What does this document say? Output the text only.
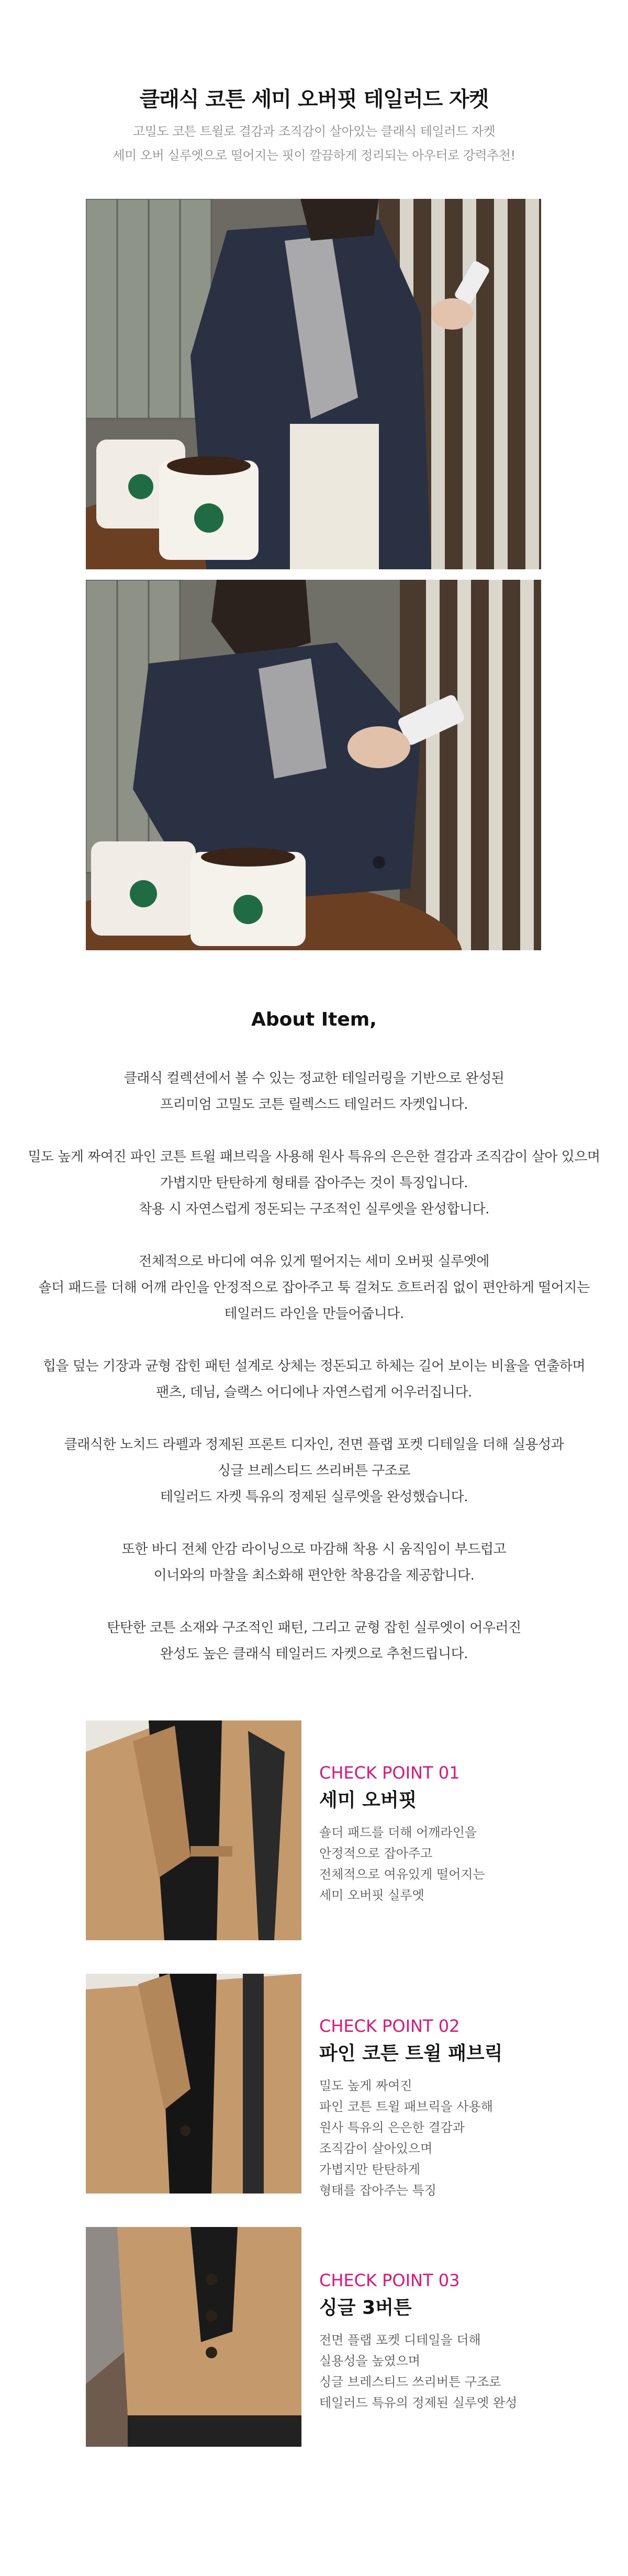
클래식 코튼 세미 오버핏 테일러드 자켓
고밀도 코튼 트윌로 결감과 조직감이 살아있는 클래식 테일러드 자켓
세미 오버 실루엣으로 떨어지는 핏이 깔끔하게 정리되는 아우터로 강력추천!
About Item,

클래식 컬렉션에서 볼 수 있는 정교한 테일러링을 기반으로 완성된
프리미엄 고밀도 코튼 릴렉스드 테일러드 자켓입니다.

밀도 높게 짜여진 파인 코튼 트윌 패브릭을 사용해 원사 특유의 은은한 결감과 조직감이 살아 있으며
가볍지만 탄탄하게 형태를 잡아주는 것이 특징입니다.
착용 시 자연스럽게 정돈되는 구조적인 실루엣을 완성합니다.

전체적으로 바디에 여유 있게 떨어지는 세미 오버핏 실루엣에
숄더 패드를 더해 어깨 라인을 안정적으로 잡아주고 툭 걸쳐도 흐트러짐 없이 편안하게 떨어지는
테일러드 라인을 만들어줍니다.

힙을 덮는 기장과 균형 잡힌 패턴 설계로 상체는 정돈되고 하체는 길어 보이는 비율을 연출하며
팬츠, 데님, 슬랙스 어디에나 자연스럽게 어우러집니다.

클래식한 노치드 라펠과 정제된 프론트 디자인, 전면 플랩 포켓 디테일을 더해 실용성과
싱글 브레스티드 쓰리버튼 구조로
테일러드 자켓 특유의 정제된 실루엣을 완성했습니다.

또한 바디 전체 안감 라이닝으로 마감해 착용 시 움직임이 부드럽고
이너와의 마찰을 최소화해 편안한 착용감을 제공합니다.

탄탄한 코튼 소재와 구조적인 패턴, 그리고 균형 잡힌 실루엣이 어우러진
완성도 높은 클래식 테일러드 자켓으로 추천드립니다.

CHECK POINT 01
세미 오버핏
숄더 패드를 더해 어깨라인을
안정적으로 잡아주고
전체적으로 여유있게 떨어지는
세미 오버핏 실루엣
CHECK POINT 02
파인 코튼 트윌 패브릭
밀도 높게 짜여진
파인 코튼 트윌 패브릭을 사용해
원사 특유의 은은한 결감과
조직감이 살아있으며
가볍지만 탄탄하게
형태를 잡아주는 특징
CHECK POINT 03
싱글 3버튼
전면 플랩 포켓 디테일을 더해
실용성을 높였으며
싱글 브레스티드 쓰리버튼 구조로
테일러드 특유의 정제된 실루엣 완성
